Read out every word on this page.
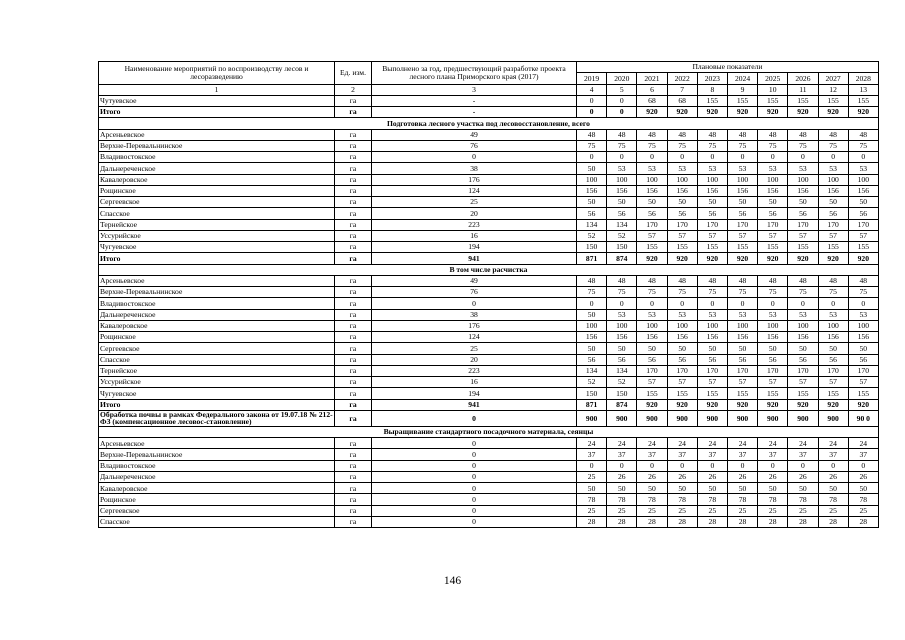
Наименование мероприятий по воспроизводству лесов и лесоразведению	Ед. изм.	Выполнено за год, предшествующий разработке проекта лесного плана Приморского края (2017)	Плановые показатели									
			2019	2020	2021	2022	2023	2024	2025	2026	2027	2028
1	2	3	4	5	6	7	8	9	10	11	12	13
Чутуевское	га	-	0	0	68	68	155	155	155	155	155	155
Итого	га	-	0	0	920	920	920	920	920	920	920	920
Подготовка лесного участка под лесовосстановление, всего												
Арсеньевское	га	49	48	48	48	48	48	48	48	48	48	48
Верхне-Перевальнинское	га	76	75	75	75	75	75	75	75	75	75	75
Владивостокское	га	0	0	0	0	0	0	0	0	0	0	0
Дальнереченское	га	38	50	53	53	53	53	53	53	53	53	53
Кавалеровское	га	176	100	100	100	100	100	100	100	100	100	100
Рощинское	га	124	156	156	156	156	156	156	156	156	156	156
Сергеевское	га	25	50	50	50	50	50	50	50	50	50	50
Спасское	га	20	56	56	56	56	56	56	56	56	56	56
Тернейское	га	223	134	134	170	170	170	170	170	170	170	170
Уссурийское	га	16	52	52	57	57	57	57	57	57	57	57
Чугуевское	га	194	150	150	155	155	155	155	155	155	155	155
Итого	га	941	871	874	920	920	920	920	920	920	920	920
В том числе расчистка												
Арсеньевское	га	49	48	48	48	48	48	48	48	48	48	48
Верхне-Перевальнинское	га	76	75	75	75	75	75	75	75	75	75	75
Владивостокское	га	0	0	0	0	0	0	0	0	0	0	0
Дальнереченское	га	38	50	53	53	53	53	53	53	53	53	53
Кавалеровское	га	176	100	100	100	100	100	100	100	100	100	100
Рощинское	га	124	156	156	156	156	156	156	156	156	156	156
Сергеевское	га	25	50	50	50	50	50	50	50	50	50	50
Спасское	га	20	56	56	56	56	56	56	56	56	56	56
Тернейское	га	223	134	134	170	170	170	170	170	170	170	170
Уссурийское	га	16	52	52	57	57	57	57	57	57	57	57
Чугуевское	га	194	150	150	155	155	155	155	155	155	155	155
Итого	га	941	871	874	920	920	920	920	920	920	920	920
Обработка почвы в рамках Федерального закона от 19.07.18 № 212-ФЗ (компенсационное лесовос-становление)	га	0	900	900	900	900	900	900	900	900	900	90 0
Выращивание стандартного посадочного материала, сеянцы												
Арсеньевское	га	0	24	24	24	24	24	24	24	24	24	24
Верхне-Перевальнинское	га	0	37	37	37	37	37	37	37	37	37	37
Владивостокское	га	0	0	0	0	0	0	0	0	0	0	0
Дальнереченское	га	0	25	26	26	26	26	26	26	26	26	26
Кавалеровское	га	0	50	50	50	50	50	50	50	50	50	50
Рощинское	га	0	78	78	78	78	78	78	78	78	78	78
Сергеевское	га	0	25	25	25	25	25	25	25	25	25	25
Спасское	га	0	28	28	28	28	28	28	28	28	28	28
146
